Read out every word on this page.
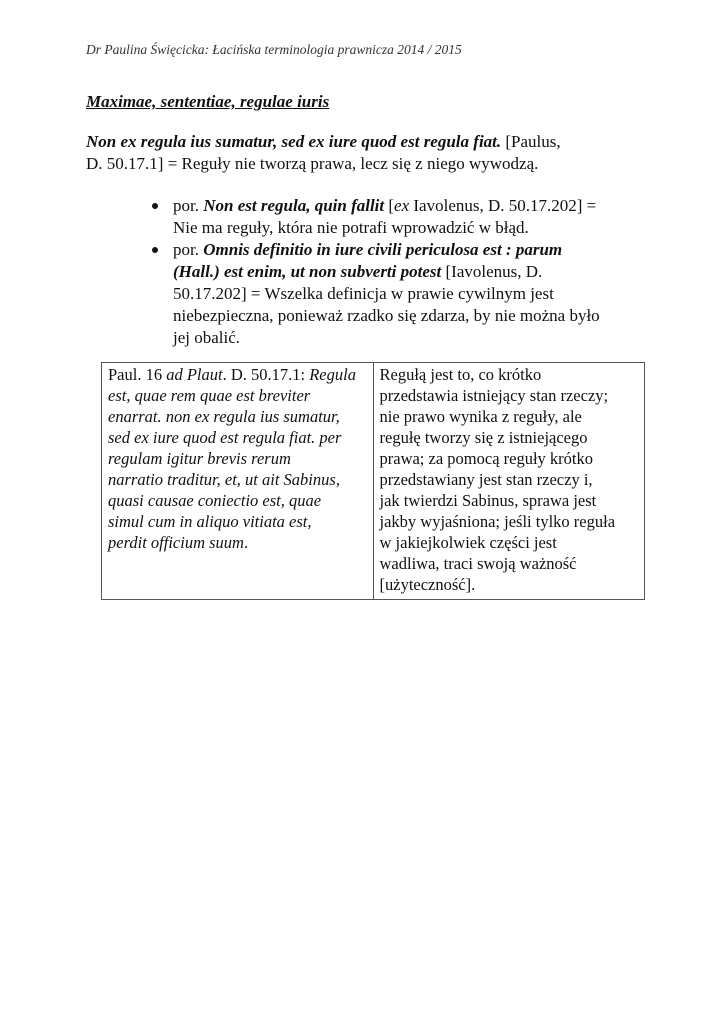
Dr Paulina Święcicka: Łacińska terminologia prawnicza 2014 / 2015
Maximae, sententiae, regulae iuris
Non ex regula ius sumatur, sed ex iure quod est regula fiat. [Paulus,
D. 50.17.1] = Reguły nie tworzą prawa, lecz się z niego wywodzą.
por. Non est regula, quin fallit [ex Iavolenus, D. 50.17.202] =
Nie ma reguły, która nie potrafi wprowadzić w błąd.
por. Omnis definitio in iure civili periculosa est : parum
(Hall.) est enim, ut non subverti potest [Iavolenus, D.
50.17.202] = Wszelka definicja w prawie cywilnym jest
niebezpieczna, ponieważ rzadko się zdarza, by nie można było
jej obalić.
Paul. 16 ad Plaut. D. 50.17.1: Regula
est, quae rem quae est breviter
enarrat. non ex regula ius sumatur,
sed ex iure quod est regula fiat. per
regulam igitur brevis rerum
narratio traditur, et, ut ait Sabinus,
quasi causae coniectio est, quae
simul cum in aliquo vitiata est,
perdit officium suum.

Regułą jest to, co krótko
przedstawia istniejący stan rzeczy;
nie prawo wynika z reguły, ale
regułę tworzy się z istniejącego
prawa; za pomocą reguły krótko
przedstawiany jest stan rzeczy i,
jak twierdzi Sabinus, sprawa jest
jakby wyjaśniona; jeśli tylko reguła
w jakiejkolwiek części jest
wadliwa, traci swoją ważność
[użyteczność].
